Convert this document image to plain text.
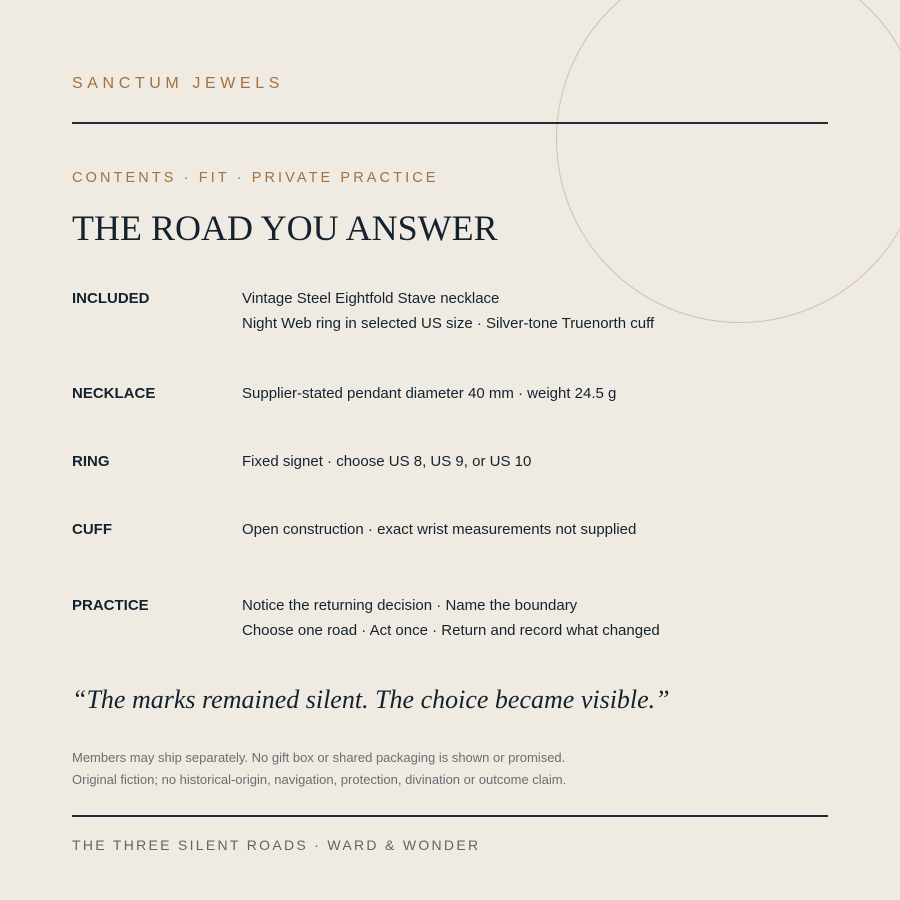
SANCTUM JEWELS
CONTENTS · FIT · PRIVATE PRACTICE
THE ROAD YOU ANSWER
INCLUDED	Vintage Steel Eightfold Stave necklace
Night Web ring in selected US size · Silver-tone Truenorth cuff
NECKLACE	Supplier-stated pendant diameter 40 mm · weight 24.5 g
RING	Fixed signet · choose US 8, US 9, or US 10
CUFF	Open construction · exact wrist measurements not supplied
PRACTICE	Notice the returning decision · Name the boundary
Choose one road · Act once · Return and record what changed
“The marks remained silent. The choice became visible.”
Members may ship separately. No gift box or shared packaging is shown or promised.
Original fiction; no historical-origin, navigation, protection, divination or outcome claim.
THE THREE SILENT ROADS · WARD & WONDER
